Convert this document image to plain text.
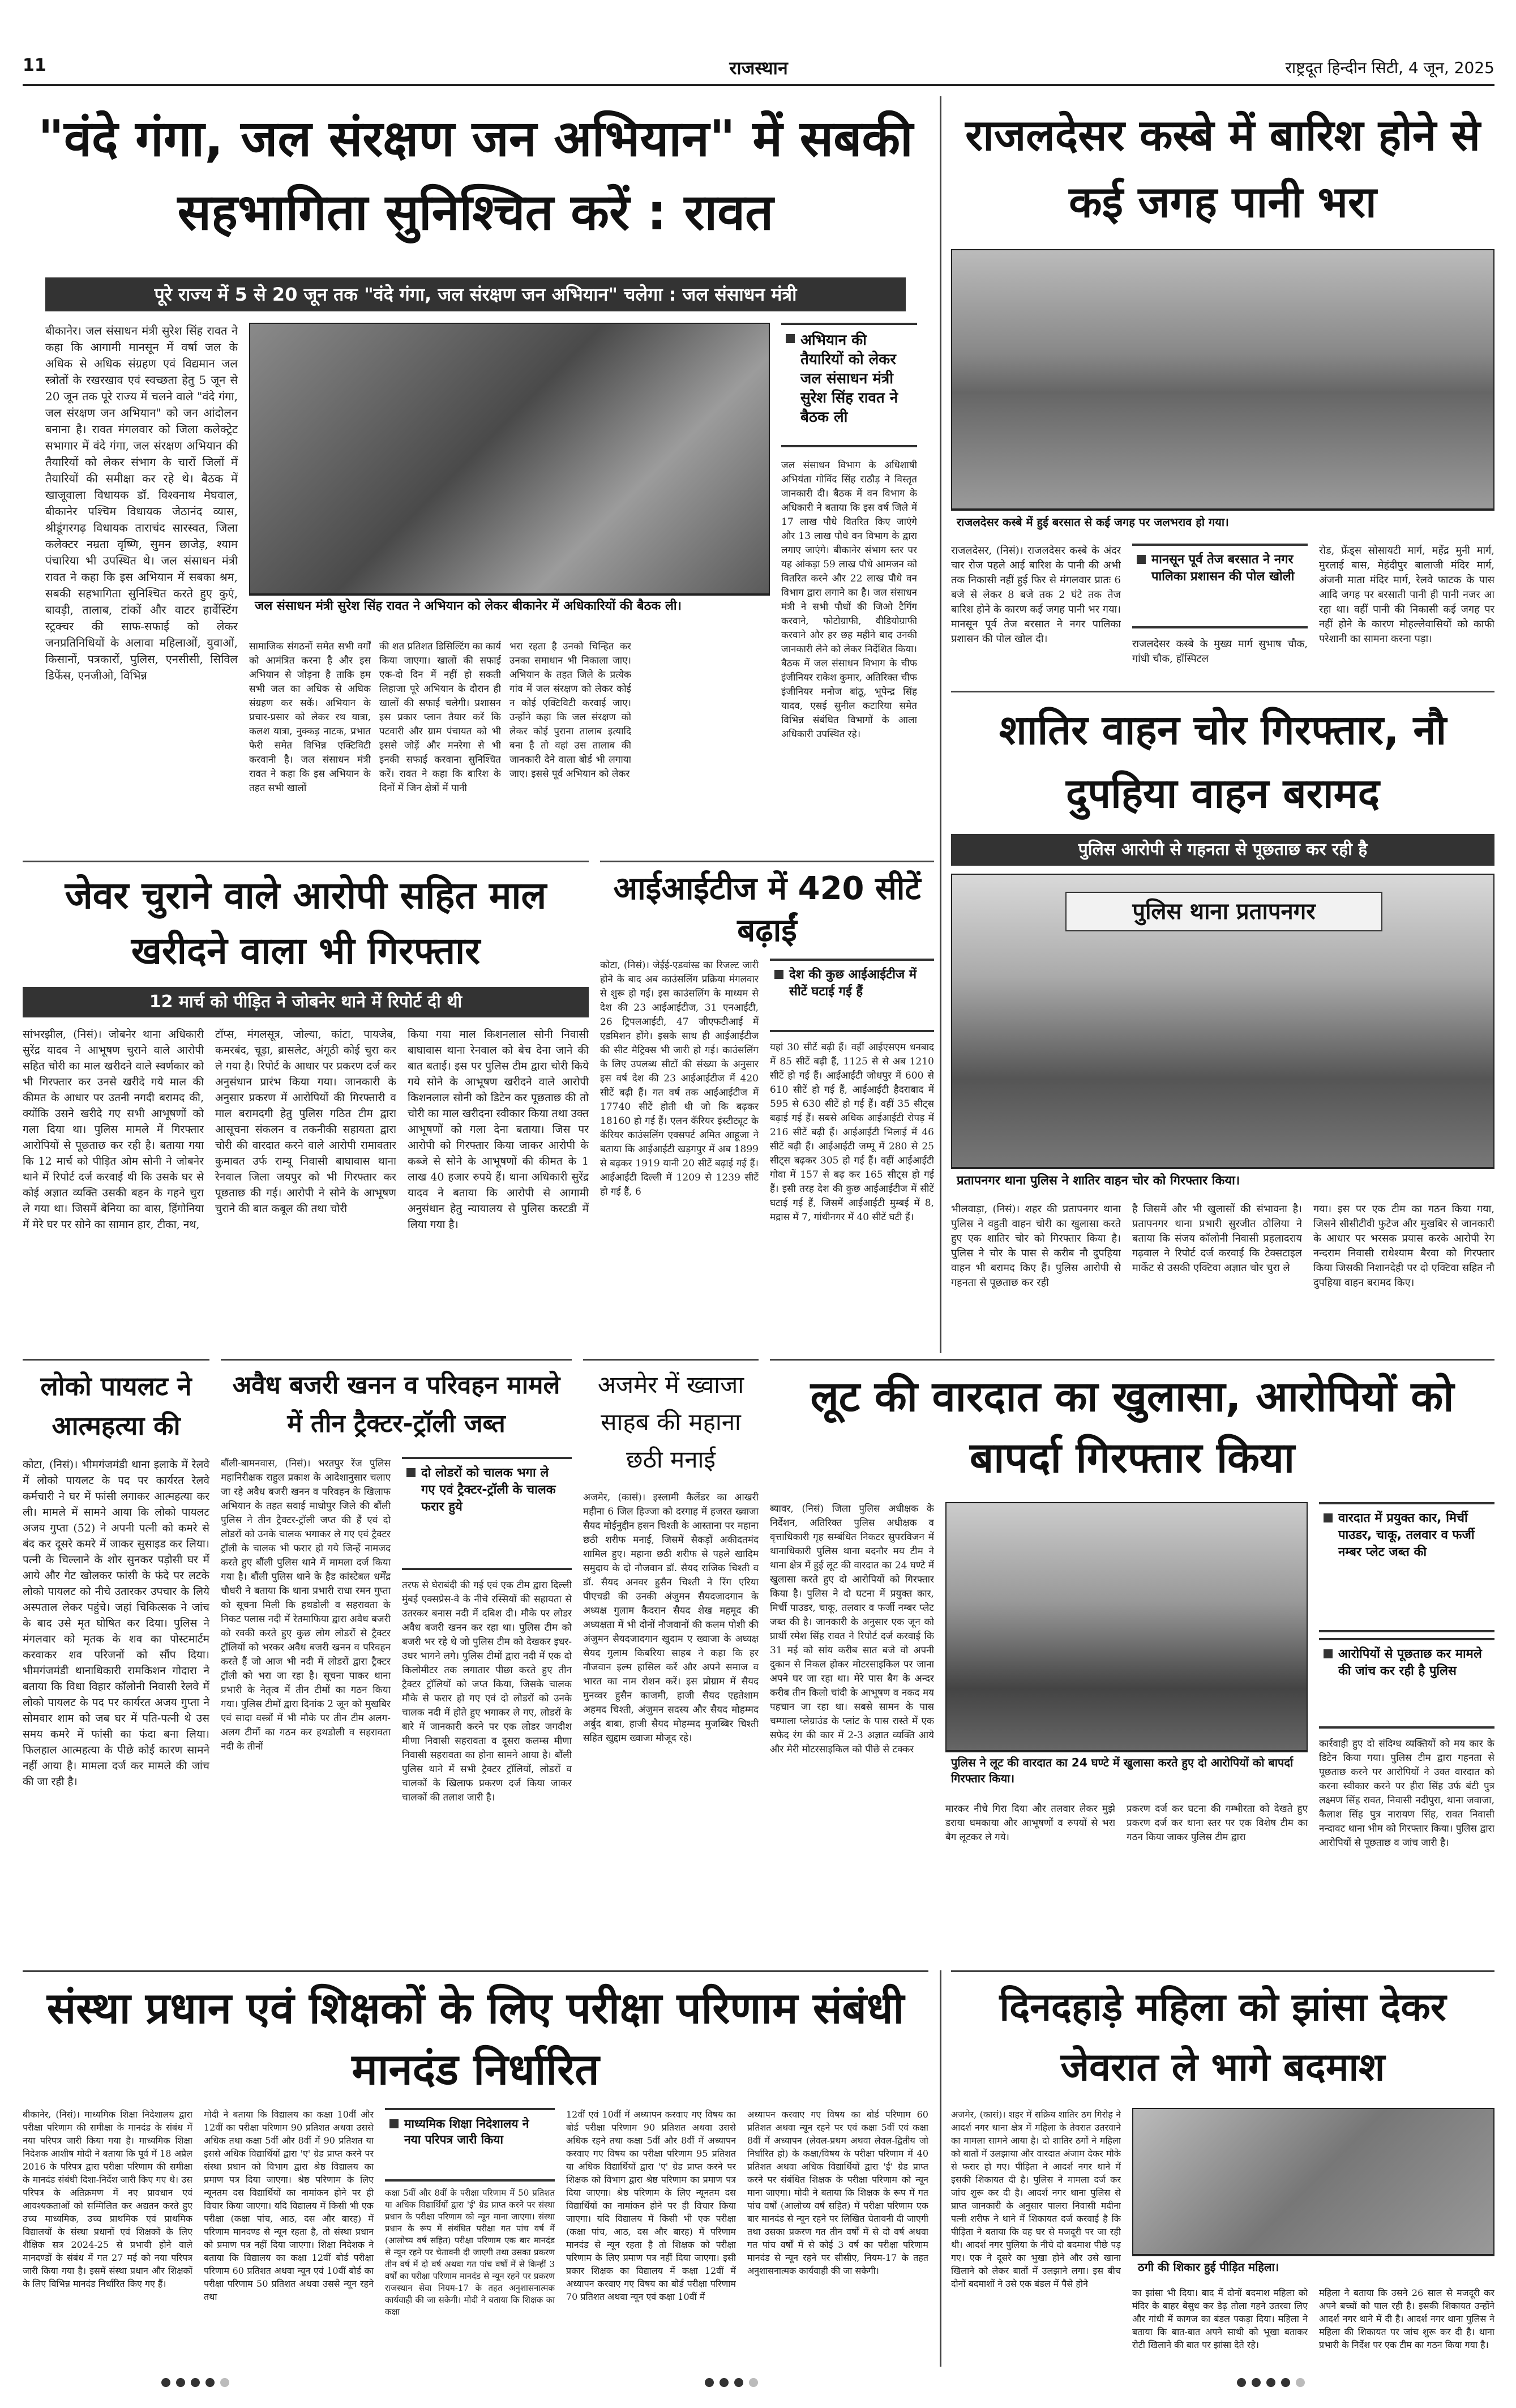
11	राजस्थान	राष्ट्रदूत हिन्दीन सिटी, 4 जून, 2025
"वंदे गंगा, जल संरक्षण जन अभियान" में सबकी सहभागिता सुनिश्चित करें : रावत
पूरे राज्य में 5 से 20 जून तक "वंदे गंगा, जल संरक्षण जन अभियान" चलेगा : जल संसाधन मंत्री
बीकानेर। जल संसाधन मंत्री सुरेश सिंह रावत ने कहा कि आगामी मानसून में वर्षा जल के अधिक से अधिक संग्रहण एवं विद्यमान जल स्त्रोतों के रखरखाव एवं स्वच्छता हेतु 5 जून से 20 जून तक पूरे राज्य में चलने वाले "वंदे गंगा, जल संरक्षण जन अभियान" को जन आंदोलन बनाना है। रावत मंगलवार को जिला कलेक्ट्रेट सभागार में वंदे गंगा, जल संरक्षण अभियान की तैयारियों को लेकर संभाग के चारों जिलों में तैयारियों की समीक्षा कर रहे थे। बैठक में खाजूवाला विधायक डॉ. विश्वनाथ मेघवाल, बीकानेर पश्चिम विधायक जेठानंद व्यास, श्रीडूंगरगढ़ विधायक ताराचंद सारस्वत, जिला कलेक्टर नम्रता वृष्णि, सुमन छाजेड़, श्याम पंचारिया भी उपस्थित थे। जल संसाधन मंत्री रावत ने कहा कि इस अभियान में सबका श्रम, सबकी सहभागिता सुनिश्चित करते हुए कुएं, बावड़ी, तालाब, टांकों और वाटर हार्वेस्टिंग स्ट्रक्चर की साफ-सफाई को लेकर जनप्रतिनिधियों के अलावा महिलाओं, युवाओं, किसानों, पत्रकारों, पुलिस, एनसीसी, सिविल डिफेंस, एनजीओ, विभिन्न
जल संसाधन मंत्री सुरेश सिंह रावत ने अभियान को लेकर बीकानेर में अधिकारियों की बैठक ली।
अभियान की तैयारियों को लेकर जल संसाधन मंत्री सुरेश सिंह रावत ने बैठक ली
जल संसाधन विभाग के अधिशाषी अभियंता गोविंद सिंह राठौड़ ने विस्तृत जानकारी दी। बैठक में वन विभाग के अधिकारी ने बताया कि इस वर्ष जिले में 17 लाख पौधे वितरित किए जाएंगे और 13 लाख पौधे वन विभाग के द्वारा लगाए जाएंगे। बीकानेर संभाग स्तर पर यह आंकड़ा 59 लाख पौधे आमजन को वितरित करने और 22 लाख पौधे वन विभाग द्वारा लगाने का है। जल संसाधन मंत्री ने सभी पौधों की जिओ टैगिंग करवाने, फोटोग्राफी, वीडियोग्राफी करवाने और हर छह महीने बाद उनकी जानकारी लेने को लेकर निर्देशित किया। बैठक में जल संसाधन विभाग के चीफ इंजीनियर राकेश कुमार, अतिरिक्त चीफ इंजीनियर मनोज बांठू, भूपेन्द्र सिंह यादव, एसई सुनील कटारिया समेत विभिन्न संबंधित विभागों के आला अधिकारी उपस्थित रहे।
सामाजिक संगठनों समेत सभी वर्गों को आमंत्रित करना है और इस अभियान से जोड़ना है ताकि हम सभी जल का अधिक से अधिक संग्रहण कर सकें। अभियान के प्रचार-प्रसार को लेकर रथ यात्रा, कलश यात्रा, नुक्कड़ नाटक, प्रभात फेरी समेत विभिन्न एक्टिविटी करवानी है। जल संसाधन मंत्री रावत ने कहा कि इस अभियान के तहत सभी खालों
की शत प्रतिशत डिसिल्टिंग का कार्य किया जाएगा। खालों की सफाई एक-दो दिन में नहीं हो सकती लिहाजा पूरे अभियान के दौरान ही खालों की सफाई चलेगी। प्रशासन इस प्रकार प्लान तैयार करें कि पटवारी और ग्राम पंचायत को भी इससे जोड़ें और मनरेगा से भी इनकी सफाई करवाना सुनिश्चित करें। रावत ने कहा कि बारिश के दिनों में जिन क्षेत्रों में पानी
भरा रहता है उनको चिन्हित कर उनका समाधान भी निकाला जाए। अभियान के तहत जिले के प्रत्येक गांव में जल संरक्षण को लेकर कोई न कोई एक्टिविटी करवाई जाए। उन्होंने कहा कि जल संरक्षण को लेकर कोई पुराना तालाब इत्यादि बना है तो वहां उस तालाब की जानकारी देने वाला बोर्ड भी लगाया जाए। इससे पूर्व अभियान को लेकर
राजलदेसर कस्बे में बारिश होने से कई जगह पानी भरा
राजलदेसर कस्बे में हुई बरसात से कई जगह पर जलभराव हो गया।
राजलदेसर, (निसं)। राजलदेसर कस्बे के अंदर चार रोज पहले आई बारिश के पानी की अभी तक निकासी नहीं हुई फिर से मंगलवार प्रातः 6 बजे से लेकर 8 बजे तक 2 घंटे तक तेज बारिश होने के कारण कई जगह पानी भर गया। मानसून पूर्व तेज बरसात ने नगर पालिका प्रशासन की पोल खोल दी।
मानसून पूर्व तेज बरसात ने नगर पालिका प्रशासन की पोल खोली
राजलदेसर कस्बे के मुख्य मार्ग सुभाष चौक, गांधी चौक, हॉस्पिटल
रोड, फ्रेंड्स सोसायटी मार्ग, महेंद्र मुनी मार्ग, मुरलाई बास, मेहंदीपुर बालाजी मंदिर मार्ग, अंजनी माता मंदिर मार्ग, रेलवे फाटक के पास आदि जगह पर बरसाती पानी ही पानी नजर आ रहा था। वहीं पानी की निकासी कई जगह पर नहीं होने के कारण मोहल्लेवासियों को काफी परेशानी का सामना करना पड़ा।
शातिर वाहन चोर गिरफ्तार, नौ दुपहिया वाहन बरामद
पुलिस आरोपी से गहनता से पूछताछ कर रही है
पुलिस थाना प्रतापनगर
प्रतापनगर थाना पुलिस ने शातिर वाहन चोर को गिरफ्तार किया।
भीलवाड़ा, (निसं)। शहर की प्रतापनगर थाना पुलिस ने वहुती वाहन चोरी का खुलासा करते हुए एक शातिर चोर को गिरफ्तार किया है। पुलिस ने चोर के पास से करीब नौ दुपहिया वाहन भी बरामद किए हैं। पुलिस आरोपी से गहनता से पूछताछ कर रही
है जिसमें और भी खुलासों की संभावना है। प्रतापनगर थाना प्रभारी सुरजीत ठोलिया ने बताया कि संजय कॉलोनी निवासी प्रहलादराय गढ़वाल ने रिपोर्ट दर्ज करवाई कि टेक्सटाइल मार्केट से उसकी एक्टिवा अज्ञात चोर चुरा ले
गया। इस पर एक टीम का गठन किया गया, जिसने सीसीटीवी फुटेज और मुखबिर से जानकारी के आधार पर भरसक प्रयास करके आरोपी रेग नन्दराम निवासी राधेश्याम बैरवा को गिरफ्तार किया जिसकी निशानदेही पर दो एक्टिवा सहित नौ दुपहिया वाहन बरामद किए।
जेवर चुराने वाले आरोपी सहित माल खरीदने वाला भी गिरफ्तार
12 मार्च को पीड़ित ने जोबनेर थाने में रिपोर्ट दी थी
सांभरझील, (निसं)। जोबनेर थाना अधिकारी सुरेंद्र यादव ने आभूषण चुराने वाले आरोपी सहित चोरी का माल खरीदने वाले स्वर्णकार को भी गिरफ्तार कर उनसे खरीदे गये माल की कीमत के आधार पर उतनी नगदी बरामद की, क्योंकि उसने खरीदे गए सभी आभूषणों को गला दिया था। पुलिस मामले में गिरफ्तार आरोपियों से पूछताछ कर रही है। बताया गया कि 12 मार्च को पीड़ित ओम सोनी ने जोबनेर थाने में रिपोर्ट दर्ज करवाई थी कि उसके घर से कोई अज्ञात व्यक्ति उसकी बहन के गहने चुरा ले गया था। जिसमें बेनिया का बास, हिंगोनिया में मेरे घर पर सोने का सामान हार, टीका, नथ,
टॉप्स, मंगलसूत्र, जोल्या, कांटा, पायजेब, कमरबंद, चूड़ा, ब्रासलेट, अंगूठी कोई चुरा कर ले गया है। रिपोर्ट के आधार पर प्रकरण दर्ज कर अनुसंधान प्रारंभ किया गया। जानकारी के अनुसार प्रकरण में आरोपियों की गिरफ्तारी व माल बरामदगी हेतु पुलिस गठित टीम द्वारा आसूचना संकलन व तकनीकी सहायता द्वारा चोरी की वारदात करने वाले आरोपी रामावतार कुमावत उर्फ राम्यू निवासी बाघावास थाना रेनवाल जिला जयपुर को भी गिरफ्तार कर पूछताछ की गई। आरोपी ने सोने के आभूषण चुराने की बात कबूल की तथा चोरी
किया गया माल किशनलाल सोनी निवासी बाघावास थाना रेनवाल को बेच देना जाने की बात बताई। इस पर पुलिस टीम द्वारा चोरी किये गये सोने के आभूषण खरीदने वाले आरोपी किशनलाल सोनी को डिटेन कर पूछताछ की तो चोरी का माल खरीदना स्वीकार किया तथा उक्त आभूषणों को गला देना बताया। जिस पर आरोपी को गिरफ्तार किया जाकर आरोपी के कब्जे से सोने के आभूषणों की कीमत के 1 लाख 40 हजार रुपये हैं। थाना अधिकारी सुरेंद्र यादव ने बताया कि आरोपी से आगामी अनुसंधान हेतु न्यायालय से पुलिस कस्टडी में लिया गया है।
आईआईटीज में 420 सीटें बढ़ाईं
कोटा, (निसं)। जेईई-एडवांस्ड का रिजल्ट जारी होने के बाद अब काउंसलिंग प्रक्रिया मंगलवार से शुरू हो गई। इस काउंसलिंग के माध्यम से देश की 23 आईआईटीज, 31 एनआईटी, 26 ट्रिपलआईटी, 47 जीएफटीआई में एडमिशन होंगे। इसके साथ ही आईआईटीज की सीट मैट्रिक्स भी जारी हो गई। काउंसलिंग के लिए उपलब्ध सीटों की संख्या के अनुसार इस वर्ष देश की 23 आईआईटीज में 420 सीटें बढ़ी हैं। गत वर्ष तक आईआईटीज में 17740 सीटें होती थी जो कि बढ़कर 18160 हो गई हैं। एलन कॅरियर इंस्टीट्यूट के कॅरियर काउंसलिंग एक्सपर्ट अमित आहूजा ने बताया कि आईआईटी खड़गपुर में अब 1899 से बढ़कर 1919 यानी 20 सीटें बढ़ाई गई हैं। आईआईटी दिल्ली में 1209 से 1239 सीटें हो गई हैं, 6
देश की कुछ आईआईटीज में सीटें घटाई गई हैं
यहां 30 सीटें बढ़ी हैं। वहीं आईएसएम धनबाद में 85 सीटें बढ़ी हैं, 1125 से से अब 1210 सीटें हो गई हैं। आईआईटी जोधपुर में 600 से 610 सीटें हो गई हैं, आईआईटी हैदराबाद में 595 से 630 सीटें हो गई हैं। वहीं 35 सीट्स बढ़ाई गई हैं। सबसे अधिक आईआईटी रोपड़ में 216 सीटें बढ़ी हैं। आईआईटी भिलाई में 46 सीटें बढ़ी हैं। आईआईटी जम्मू में 280 से 25 सीट्स बढ़कर 305 हो गई हैं। वहीं आईआईटी गोवा में 157 से बढ़ कर 165 सीट्स हो गई हैं। इसी तरह देश की कुछ आईआईटीज में सीटें घटाई गई हैं, जिसमें आईआईटी मुम्बई में 8, मद्रास में 7, गांधीनगर में 40 सीटें घटी हैं।
लोको पायलट ने आत्महत्या की
कोटा, (निसं)। भीमगंजमंडी थाना इलाके में रेलवे में लोको पायलट के पद पर कार्यरत रेलवे कर्मचारी ने घर में फांसी लगाकर आत्महत्या कर ली। मामले में सामने आया कि लोको पायलट अजय गुप्ता (52) ने अपनी पत्नी को कमरे से बंद कर दूसरे कमरे में जाकर सुसाइड कर लिया। पत्नी के चिल्लाने के शोर सुनकर पड़ोसी घर में आये और गेट खोलकर फांसी के फंदे पर लटके लोको पायलट को नीचे उतारकर उपचार के लिये अस्पताल लेकर पहुंचे। जहां चिकित्सक ने जांच के बाद उसे मृत घोषित कर दिया। पुलिस ने मंगलवार को मृतक के शव का पोस्टमार्टम करवाकर शव परिजनों को सौंप दिया। भीमगंजमंडी थानाधिकारी रामकिशन गोदारा ने बताया कि विधा विहार कॉलोनी निवासी रेलवे में लोको पायलट के पद पर कार्यरत अजय गुप्ता ने सोमवार शाम को जब घर में पति-पत्नी थे उस समय कमरे में फांसी का फंदा बना लिया। फिलहाल आत्महत्या के पीछे कोई कारण सामने नहीं आया है। मामला दर्ज कर मामले की जांच की जा रही है।
अवैध बजरी खनन व परिवहन मामले में तीन ट्रैक्टर-ट्रॉली जब्त
बौंली-बामनवास, (निसं)। भरतपुर रेंज पुलिस महानिरीक्षक राहुल प्रकाश के आदेशानुसार चलाए जा रहे अवैध बजरी खनन व परिवहन के खिलाफ अभियान के तहत सवाई माधोपुर जिले की बौंली पुलिस ने तीन ट्रैक्टर-ट्रॉली जप्त की हैं एवं दो लोडरों को उनके चालक भगाकर ले गए एवं ट्रैक्टर ट्रॉली के चालक भी फरार हो गये जिन्हें नामजद करते हुए बौंली पुलिस थाने में मामला दर्ज किया गया है। बौंली पुलिस थाने के हैड कांस्टेबल धर्मेंद्र चौधरी ने बताया कि थाना प्रभारी राधा रमन गुप्ता को सूचना मिली कि हथडोली व सहरावता के निकट पलास नदी में रेतमाफिया द्वारा अवैध बजरी को रवकी करते हुए कुछ लोग लोडरों से ट्रैक्टर ट्रॉलियों को भरकर अवैध बजरी खनन व परिवहन करते हैं जो आज भी नदी में लोडरों द्वारा ट्रैक्टर ट्रॉली को भरा जा रहा है। सूचना पाकर थाना प्रभारी के नेतृत्व में तीन टीमों का गठन किया गया। पुलिस टीमों द्वारा दिनांक 2 जून को मुखबिर एवं सादा वस्त्रों में भी मौके पर तीन टीम अलग-अलग टीमों का गठन कर हथडोली व सहरावता नदी के तीनों
दो लोडरों को चालक भगा ले गए एवं ट्रैक्टर-ट्रॉली के चालक फरार हुये
तरफ से घेराबंदी की गई एवं एक टीम द्वारा दिल्ली मुंबई एक्सप्रेस-वे के नीचे रस्सियों की सहायता से उतरकर बनास नदी में दबिश दी। मौके पर लोडर अवैध बजरी खनन कर रहा था। पुलिस टीम को बजरी भर रहे थे जो पुलिस टीम को देखकर इधर-उधर भागने लगे। पुलिस टीमों द्वारा नदी में एक दो किलोमीटर तक लगातार पीछा करते हुए तीन ट्रैक्टर ट्रॉलियों को जप्त किया, जिसके चालक मौके से फरार हो गए एवं दो लोडरों को उनके चालक नदी में होते हुए भगाकर ले गए, लोडरों के बारे में जानकारी करने पर एक लोडर जगदीश मीणा निवासी सहरावता व दूसरा कलम्स मीणा निवासी सहरावता का होना सामने आया है। बौंली पुलिस थाने में सभी ट्रैक्टर ट्रॉलियों, लोडरों व चालकों के खिलाफ प्रकरण दर्ज किया जाकर चालकों की तलाश जारी है।
अजमेर में ख्वाजा साहब की महाना छठी मनाई
अजमेर, (कासं)। इस्लामी कैलेंडर का आखरी महीना 6 जिल हिज्जा को दरगाह में हजरत ख्वाजा सैयद मोईनुद्दीन हसन चिश्ती के आस्ताना पर महाना छठी शरीफ मनाई, जिसमें सैकड़ों अकीदतमंद शामिल हुए। महाना छठी शरीफ से पहले खादिम समुदाय के दो नौजवान डॉ. सैयद राजिक चिश्ती व डॉ. सैयद अनवर हुसैन चिश्ती ने रिंग एरिया पीएचडी की उनकी अंजुमन सैयदजादगान के अध्यक्ष गुलाम कैदरान सैयद शेख महमूद की अध्यक्षता में भी दोनों नौजवानों की कलम पोशी की अंजुमन सैयदजादगान खुदाम ए ख्वाजा के अध्यक्ष सैयद गुलाम किबरिया साहब ने कहा कि हर नौजवान इल्म हासिल करें और अपने समाज व भारत का नाम रोशन करें। इस प्रोग्राम में सैयद मुनव्वर हुसैन काजमी, हाजी सैयद एहतेशाम अहमद चिश्ती, अंजुमन सदस्य और सैयद मोहम्मद अर्बुद बाबा, हाजी सैयद मोहम्मद मुजब्बिर चिश्ती सहित खुद्दाम ख्वाजा मौजूद रहे।
लूट की वारदात का खुलासा, आरोपियों को बापर्दा गिरफ्तार किया
ब्यावर, (निसं) जिला पुलिस अधीक्षक के निर्देशन, अतिरिक्त पुलिस अधीक्षक व वृत्ताधिकारी गृह सम्बंधित निकटर सुपरविजन में थानाधिकारी पुलिस थाना बदनौर मय टीम ने थाना क्षेत्र में हुई लूट की वारदात का 24 घण्टे में खुलासा करते हुए दो आरोपियों को गिरफ्तार किया है। पुलिस ने दो घटना में प्रयुक्त कार, मिर्ची पाउडर, चाकू, तलवार व फर्जी नम्बर प्लेट जब्त की है। जानकारी के अनुसार एक जून को प्रार्थी रमेश सिंह रावत ने रिपोर्ट दर्ज करवाई कि 31 मई को सांय करीब सात बजे वो अपनी दुकान से निकल होकर मोटरसाइकिल पर जाना अपने घर जा रहा था। मेरे पास बैग के अन्दर करीब तीन किलो चांदी के आभूषण व नकद मय पहचान जा रहा था। सबसे सामन के पास चम्पाला प्लेग्राउंड के प्लांट के पास रास्ते में एक सफेद रंग की कार में 2-3 अज्ञात व्यक्ति आये और मेरी मोटरसाइकिल को पीछे से टक्कर
पुलिस ने लूट की वारदात का 24 घण्टे में खुलासा करते हुए दो आरोपियों को बापर्दा गिरफ्तार किया।
वारदात में प्रयुक्त कार, मिर्ची पाउडर, चाकू, तलवार व फर्जी नम्बर प्लेट जब्त की
आरोपियों से पूछताछ कर मामले की जांच कर रही है पुलिस
कार्रवाही हुए दो संदिग्ध व्यक्तियों को मय कार के डिटेन किया गया। पुलिस टीम द्वारा गहनता से पूछताछ करने पर आरोपियों ने उक्त वारदात को करना स्वीकार करने पर हीरा सिंह उर्फ बंटी पुत्र लक्ष्मण सिंह रावत, निवासी नदीपुरा, थाना जवाजा, कैलाश सिंह पुत्र नारायण सिंह, रावत निवासी नन्दावट थाना भीम को गिरफ्तार किया। पुलिस द्वारा आरोपियों से पूछताछ व जांच जारी है।
मारकर नीचे गिरा दिया और तलवार लेकर मुझे डराया धमकाया और आभूषणों व रुपयों से भरा बैग लूटकर ले गये।
प्रकरण दर्ज कर घटना की गम्भीरता को देखते हुए प्रकरण दर्ज कर थाना स्तर पर एक विशेष टीम का गठन किया जाकर पुलिस टीम द्वारा
संस्था प्रधान एवं शिक्षकों के लिए परीक्षा परिणाम संबंधी मानदंड निर्धारित
बीकानेर, (निसं)। माध्यमिक शिक्षा निदेशालय द्वारा परीक्षा परिणाम की समीक्षा के मानदंड के संबंध में नया परिपत्र जारी किया गया है। माध्यमिक शिक्षा निदेशक आशीष मोदी ने बताया कि पूर्व में 18 अप्रैल 2016 के परिपत्र द्वारा परीक्षा परिणाम की समीक्षा के मानदंड संबंधी दिशा-निर्देश जारी किए गए थे। उस परिपत्र के अतिक्रमण में नए प्रावधान एवं आवश्यकताओं को सम्मिलित कर अद्यतन करते हुए उच्च माध्यमिक, उच्च प्राथमिक एवं प्राथमिक विद्यालयों के संस्था प्रधानों एवं शिक्षकों के लिए शैक्षिक सत्र 2024-25 से प्रभावी होने वाले मानदण्डों के संबंध में गत 27 मई को नया परिपत्र जारी किया गया है। इसमें संस्था प्रधान और शिक्षकों के लिए विभिन्न मानदंड निर्धारित किए गए हैं।
मोदी ने बताया कि विद्यालय का कक्षा 10वीं और 12वीं का परीक्षा परिणाम 90 प्रतिशत अथवा उससे अधिक तथा कक्षा 5वीं और 8वीं में 90 प्रतिशत या इससे अधिक विद्यार्थियों द्वारा 'ए' ग्रेड प्राप्त करने पर संस्था प्रधान को विभाग द्वारा श्रेष्ठ विद्यालय का प्रमाण पत्र दिया जाएगा। श्रेष्ठ परिणाम के लिए न्यूनतम दस विद्यार्थियों का नामांकन होने पर ही विचार किया जाएगा। यदि विद्यालय में किसी भी एक परीक्षा (कक्षा पांच, आठ, दस और बारह) में परिणाम मानदण्ड से न्यून रहता है, तो संस्था प्रधान को प्रमाण पत्र नहीं दिया जाएगा। शिक्षा निदेशक ने बताया कि विद्यालय का कक्षा 12वीं बोर्ड परीक्षा परिणाम 60 प्रतिशत अथवा न्यून एवं 10वीं बोर्ड का परीक्षा परिणाम 50 प्रतिशत अथवा उससे न्यून रहने तथा
माध्यमिक शिक्षा निदेशालय ने नया परिपत्र जारी किया
कक्षा 5वीं और 8वीं के परीक्षा परिणाम में 50 प्रतिशत या अधिक विद्यार्थियों द्वारा 'ई' ग्रेड प्राप्त करने पर संस्था प्रधान के परीक्षा परिणाम को न्यून माना जाएगा। संस्था प्रधान के रूप में संबंधित परीक्षा गत पांच वर्ष में (आलोच्य वर्ष सहित) परीक्षा परिणाम एक बार मानदंड से न्यून रहने पर चेतावनी दी जाएगी तथा उसका प्रकरण तीन वर्ष में दो वर्ष अथवा गत पांच वर्षों में से किन्हीं 3 वर्षों का परीक्षा परिणाम मानदंड से न्यून रहने पर प्रकरण राजस्थान सेवा नियम-17 के तहत अनुशासनात्मक कार्यवाही की जा सकेगी। मोदी ने बताया कि शिक्षक का कक्षा
12वीं एवं 10वीं में अध्यापन करवाए गए विषय का बोर्ड परीक्षा परिणाम 90 प्रतिशत अथवा उससे अधिक रहने तथा कक्षा 5वीं और 8वीं में अध्यापन करवाए गए विषय का परीक्षा परिणाम 95 प्रतिशत या अधिक विद्यार्थियों द्वारा 'ए' ग्रेड प्राप्त करने पर शिक्षक को विभाग द्वारा श्रेष्ठ परिणाम का प्रमाण पत्र दिया जाएगा। श्रेष्ठ परिणाम के लिए न्यूनतम दस विद्यार्थियों का नामांकन होने पर ही विचार किया जाएगा। यदि विद्यालय में किसी भी एक परीक्षा (कक्षा पांच, आठ, दस और बारह) में परिणाम मानदंड से न्यून रहता है तो शिक्षक को परीक्षा परिणाम के लिए प्रमाण पत्र नहीं दिया जाएगा। इसी प्रकार शिक्षक का विद्यालय में कक्षा 12वीं में अध्यापन करवाए गए विषय का बोर्ड परीक्षा परिणाम 70 प्रतिशत अथवा न्यून एवं कक्षा 10वीं में
अध्यापन करवाए गए विषय का बोर्ड परिणाम 60 प्रतिशत अथवा न्यून रहने पर एवं कक्षा 5वीं एवं कक्षा 8वीं में अध्यापन (लेवल-प्रथम अथवा लेवल-द्वितीय जो निर्धारित हो) के कक्षा/विषय के परीक्षा परिणाम में 40 प्रतिशत अथवा अधिक विद्यार्थियों द्वारा 'ई' ग्रेड प्राप्त करने पर संबंधित शिक्षक के परीक्षा परिणाम को न्यून माना जाएगा। मोदी ने बताया कि शिक्षक के रूप में गत पांच वर्षों (आलोच्य वर्ष सहित) में परीक्षा परिणाम एक बार मानदंड से न्यून रहने पर लिखित चेतावनी दी जाएगी तथा उसका प्रकरण गत तीन वर्षों में से दो वर्ष अथवा गत पांच वर्षों में से कोई 3 वर्ष का परीक्षा परिणाम मानदंड से न्यून रहने पर सीसीए, नियम-17 के तहत अनुशासनात्मक कार्यवाही की जा सकेगी।
दिनदहाड़े महिला को झांसा देकर जेवरात ले भागे बदमाश
अजमेर, (कासं)। शहर में सक्रिय शातिर ठग गिरोह ने आदर्श नगर थाना क्षेत्र में महिला के तेवरात उतरवाने का मामला सामने आया है। दो शातिर ठगों ने महिला को बातों में उलझाया और वारदात अंजाम देकर मौके से फरार हो गए। पीड़िता ने आदर्श नगर थाने में इसकी शिकायत दी है। पुलिस ने मामला दर्ज कर जांच शुरू कर दी है। आदर्श नगर थाना पुलिस से प्राप्त जानकारी के अनुसार पालरा निवासी मदीना पत्नी शरीफ ने थाने में शिकायत दर्ज करवाई है कि पीड़िता ने बताया कि वह घर से मजदूरी पर जा रही थी। आदर्श नगर पुलिया के नीचे दो बदमाश पीछे पड़ गए। एक ने दूसरे का भुखा होने और उसे खाना खिलाने को लेकर बातों में उलझाने लगा। इस बीच दोनों बदमाशों ने उसे एक बंडल में पैसे होने
ठगी की शिकार हुई पीड़ित महिला।
का झांसा भी दिया। बाद में दोनों बदमाश महिला को मंदिर के बाहर बेसुध कर डेढ़ तोला गहने उतरवा लिए और गांधी में कागज का बंडल पकड़ा दिया। महिला ने बताया कि बात-बात अपने साथी को भूखा बताकर रोटी खिलाने की बात पर झांसा देते रहे।
महिला ने बताया कि उसने 26 साल से मजदूरी कर अपने बच्चों को पाल रही है। इसकी शिकायत उन्होंने आदर्श नगर थाने में दी है। आदर्श नगर थाना पुलिस ने महिला की शिकायत पर जांच शुरू कर दी है। थाना प्रभारी के निर्देश पर एक टीम का गठन किया गया है।
